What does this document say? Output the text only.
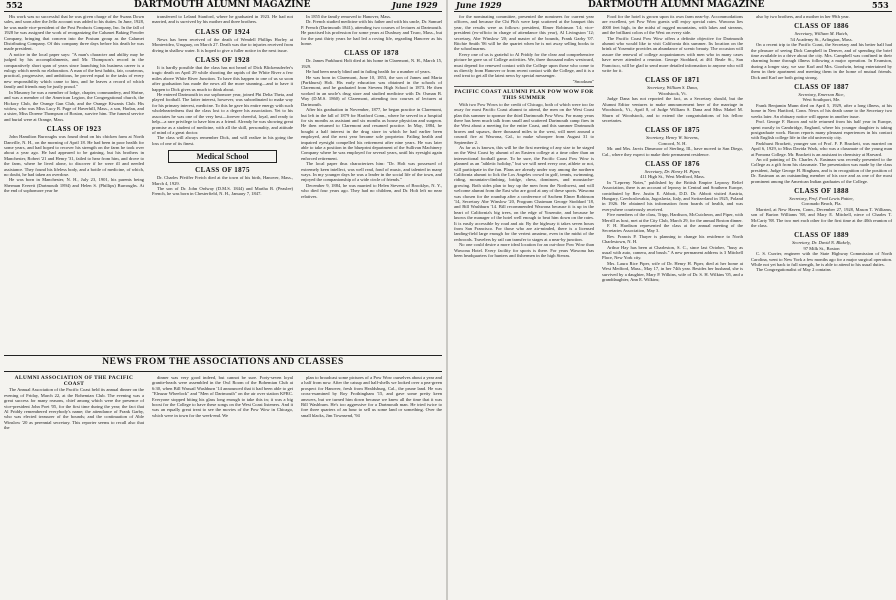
552	DARTMOUTH ALUMNI MAGAZINE	June 1929

His work was so successful that he was given charge of the Swans Down sales, and soon after the Jello account was added to his duties. In June, 1928, he was made vice-president of the Post Products Company, Inc. In the fall of 1928 he was assigned the work of reorganizing the Calumet Baking Powder Company, bringing that concern into the Postum group as the Calumet Distributing Company. Of this company three days before his death he was made president.

A notice in the local paper says: "A man's character and ability may be judged by his accomplishments, and Mr. Thompson's record in the comparatively short span of years since launching his business career is a eulogy which needs no elaboration. A man of the best habits, fair, courteous, practical, progressive, and ambitious, he proved equal to the tasks of every new responsibility which came to him, and he leaves a record of which family and friends may be justly proud."

In Masonry he was a member of lodge, chapter, commandery, and Shrine, and was a member of the American Legion, the Congregational church, the Hickory Club, the Orange Gun Club, and the Orange Kiwanis Club. His widow, who was Miss Lucy B. Page of Haverhill, Mass., a son, Harlan, and a sister, Miss Dorene Thompson of Boston, survive him. The funeral service and burial were at Orange, Mass.

CLASS OF 1923

John Hamilton Burroughs was found dead on his chicken farm at North Danville, N. H., on the morning of April 18. He had been in poor health for some years, and had hoped to recover his strength on the farm he took over about a year ago. He had appeared to be gaining, but his brothers in Manchester, Robert '21 and Henry '31, failed to hear from him, and drove to the farm, where he lived alone, to discover if he were ill and needed assistance. They found his lifeless body, and a bottle of medicine, of which, no doubt, he had taken an overdose.

He was born in Manchester, N. H., July 23, 1901, his parents being Sherman Everett (Dartmouth 1894) and Helen S. (Phillips) Burroughs. At the end of sophomore year he

transferred to Leland Stanford, where he graduated in 1923. He had not married, and is survived by his mother and three brothers.

CLASS OF 1924

News has been received of the death of Wendell Phillips Horley at Montevideo, Uruguay, on March 27. Death was due to injuries received from diving in shallow water. It is hoped to give a fuller notice in the next issue.

CLASS OF 1928

It is hardly possible that the class has not heard of Dick Blickensderfer's tragic death on April 29 while shooting the rapids of the White River a few miles above White River Junction. To have this happen to one of us so soon after graduation has made the news all the more stunning—and to have it happen to Dick gives us much to think about.

He entered Dartmouth in our sophomore year, joined Phi Delta Theta, and played football. The latter interest, however, was subordinated to make way for his primary interest, medicine. To this he gave his entire energy with such wholeheartedness that the class lost to a degree his association. Yet to his associates he was one of the very best—forever cheerful, loyal, and ready to help—a rare privilege to have him as a friend. Already he was showing great promise as a student of medicine, with all the skill, personality, and attitude of mind of a great doctor.

The class will always remember Dick, and will realize in his going the loss of one of its finest.

Medical School
CLASS OF 1875

Dr. Charles Pfeiffer Freich died at the town of his birth, Hanover, Mass., March 4, 1929.

The son of Dr. John Ordway (D.M.S. 1844) and Martha B. (Peaslee) French, he was born in Chesterfield, N. H., January 7, 1847.

In 1855 the family removed to Hanover, Mass.

Dr. French studied medicine with his father and with his uncle, Dr. Samuel P. French (Dartmouth 1841), attending two courses of lectures at Dartmouth. He practised his profession for some years at Duxbury and Truro, Mass., but for the past thirty years he had led a roving life, regarding Hanover as his home.

CLASS OF 1878

Dr. James Parkhurst Holt died at his home in Claremont, N. H., March 15, 1929.

He had been nearly blind and in failing health for a number of years.

He was born in Claremont, June 10, 1853, the son of James and Maria (Parkhurst) Holt. His early education was obtained in the schools of Claremont, and he graduated from Stevens High School in 1873. He then worked in an uncle's drug store and studied medicine with Dr. Osman B. Way (D.M.S. 1860) of Claremont, attending two courses of lectures at Dartmouth.

After his graduation in November, 1877, he began practice in Claremont, but left in the fall of 1879 for Hartford Conn., where he served in a hospital for six months as assistant and six months as house physician and surgeon. He then returned to Claremont and resumed practice. In May, 1884, he bought a half interest in the drug store in which he had earlier been employed, and the next year became sole proprietor. Failing health and impaired eyesight compelled his retirement after nine years. He was later able to take a position in the blueprint department of the Sullivan Machinery Company where he was employed for several years, until his eyesight again enforced retirement.

The local paper thus characterizes him: "Dr. Holt was possessed of extremely keen intellect, was well read, fond of music, and talented in many ways. In my younger days he was a leader in the social life of the town, and enjoyed the companionship of a wide circle of friends."

December 9, 1884, he was married to Helen Stevens of Brooklyn, N. Y., who died four years ago. They had no children, and Dr. Holt left no near relatives.

NEWS FROM THE ASSOCIATIONS AND CLASSES
ALUMNI ASSOCIATION OF THE PACIFIC COAST

The Annual Association of the Pacific Coast held its annual dinner on the evening of Friday, March 22, at the Bohemian Club. The evening was a great success for many reasons, chief among which were the presence of vice-president John Poet '05, for the first time during the year; the fact that Al Priddy remembered everybody's name; the attendance of Frank Garby, who was elected treasurer of the bounds; and the continuation of Able Winslow '20 as perennial secretary. This reporter seems to recall also that the

dinner was very good indeed, but cannot be sure. Forty-seven loyal granite-heads were assembled in the Owl Room of the Bohemian Club at 6:30, when Bill Wassail Washburn '14 announced that it had been able to get "Eleazar Wheelock" and "Men of Dartmouth" on the air over station KFRC. Everyone stopped biting his glass long enough to take this in; it was a big boost for the College to have these songs on the West Coast listeners. And it was an equally great treat to see the movies of the Pow Wow in Chicago, which were in town for the week-end. We

plan to broadcast some pictures of a Pow Wow ourselves about a year and a half from now. After the catsup and half-shells we looked over a pea-green prospect for Hanover, fresh from Healdsburg, Cal., the prune land. He was cross-examined by Roy Frothingham '15, and gave some pretty keen answers, but we turned him down because we knew all the time that it was Bill Washburn. He's too aggressive for a Dartmouth man. He tried twice to fore three quarters of an hour to sell us some land or something. Over the small blacks, Jim Townsend, '94

June 1929	DARTMOUTH ALUMNI MAGAZINE	553

for the nominating committee, presented the nominees for current year officers, and because the Chi Phi's were kept scattered at the banquet this year, the results were as follows: president, Elmer Robinson '14; vice-president (ex-officio in charge of attendance this year), Al Livingston '12; secretary, Abe Winslow '20; and master of the bounds, Frank Garby '07. Ritchie Smith '06 will be the quartet when he is not away selling books to the schoolmarms.

Every one of us is grateful to Al Priddy for the clear and comprehensive picture he gave us of College activities. We, three thousand miles westward, must depend for renewed contact with the College upon those who come to us directly from Hanover or from recent contact with the College, and it is a real treat to get all the latest news by special messenger.

"Snookum"
PACIFIC COAST ALUMNI PLAN POW WOW FOR THIS SUMMER

With two Pow Wows to the credit of Chicago, both of which were too far away for most Pacific Coast alumni to attend, the men on the West Coast plan this summer to sponsor the third Dartmouth Pow Wow. For many years there has been much talk from small and scattered Dartmouth camp fires in the West about a meeting for the entire Coast, and this summer Dartmouth braves and squaws, three thousand miles to the west, will meet around a council fire at Wawona, Cal., to make whoopee from August 31 to September 2.

As far as is known, this will be the first meeting of any size to be staged on the West Coast by alumni of an Eastern college at a time other than an intersectional football game. To be sure, the Pacific Coast Pow Wow is planned as an "athletic holiday," but we will need every one, athlete or not, will participate in the fun. Plans are already under way among the northern California alumni to lick the Los Angeles crowd in golf, tennis, swimming, riding, mountain-climbing, bridge, chess, dominoes, and moustache-growing. Both sides plan to buy up the men from the Northwest, and will welcome alumni from the East who are good at any of these sports. Wawona was chosen for the roundup after a conference of Sachem Elmer Robinson '14, Secretary Abe Winslow '20, Program Chairman George Stoddard '18, and Bill Washburn '14. Bill recommended Wawona because it is up in the heart of California's big trees, on the edge of Yosemite, and because he knows the manager of the hotel well enough to beat him down on the rates. It is easily accessible by road and air. By the highway it takes seven hours from San Francisco. For those who are air-minded, there is a licensed landing-field large enough for the veriest amateur, even in the midst of the redwoods. Travelers by rail can transfer to stages at a near-by junction.

No one could desire a more ideal location for an out-door Pow Wow than Wawona Hotel. Every facility for sports is there. For years Wawona has been headquarters for hunters and fishermen in the high Sierras.

Food for the hotel is grown upon its own farm near-by. Accommodations are excellent, yet Pow Wow guests will enjoy special rates. Wawona lies 4000 feet high, in the midst of rugged mountains, with lakes and streams, and the brilliant colors of the West on every side.

The Pacific Coast Pow Wow offers a definite objective for Dartmouth alumni who would like to visit California this summer. Its location on the brink of Yosemite provides an abundance of scenic beauty. The occasion will assure the renewal of college acquaintances with men who in many cases have never attended a reunion. George Stoddard, at 461 Beale St., San Francisco, will be glad to send more detailed information to anyone who will write for it.

CLASS OF 1871
Secretary, William S. Dana,
Woodstock, Vt.

Judge Dana has not reported the fact, as a Secretary should, but the Alumni Editor ventures to make announcement here of the marriage in Woodstock, Vt., April 8, of Judge William S. Dana and Miss Mabel M. Shurn of Woodstock, and to extend the congratulations of his fellow secretaries.

CLASS OF 1875
Secretary, Henry W. Stevens,
Concord, N. H.

Mr. and Mrs. Jarvis Dinsmoor of Sterling, Ill., have moved to San Diego, Cal., where they expect to make their permanent residence.

CLASS OF 1876
Secretary, Dr. Henry H. Piper,
411 High St., West Medford, Mass.

In "Lepreny Notes," published by the British Empire Leprosy Relief Association, there is an account of leprosy in Central and Southern Europe, contributed by Rev. Justin E. Abbott, D.D. Dr. Abbott visited Austria, Hungary, Czechoslovakia, Jugoslavia, Italy, and Switzerland in 1925, Poland in 1926. He obtained his information from boards of health, and was everywhere courteously received.

Five members of the class, Tripp, Hardison, McCutcheon, and Piper, with Merrill as host, met at the City Club, March 29, for the annual Boston dinner.

F. H. Hardison represented the class at the annual meeting of the Secretaries Association, May 3.

Rev. Francis P. Thayer is planning to change his residence to North Charlestown, N. H.

Arthur Hay has been at Charleston, S. C., since last October, "busy as usual with auto, camera, and brush." A new permanent address is 3 Mitchell Place, New York city.

Mrs. Laura Rice Piper, wife of Dr. Henry H. Piper, died at her home at West Medford, Mass., May 17, in her 74th year. Besides her husband, she is survived by a daughter, Mary P. Wilkins, wife of Dr. S. H. Wilkins '05, and a granddaughter, Ann E. Wilkins;

also by two brothers, and a mother in her 99th year.

CLASS OF 1886
Secretary, William M. Hatch,
54 Academy St., Arlington, Mass.

On a recent trip to the Pacific Coast, the Secretary and his better half had the pleasure of seeing Dick Campbell in Denver, and of spending the brief time available in a drive about the city. Mrs. Campbell was confined in their charming home through illness following a major operation. In Evanston, during a longer stay, we saw Karl and Mrs. Goodwin, being entertained by them in their apartment and meeting them in the home of mutual friends. Dick and Karl are both going strong.

CLASS OF 1887
Secretary, Emerson Rice,
West Southport, Me.

Frank Benjamin Munn died on April 5, 1929, after a long illness, at his home in New Hartford, Conn. News of his death came to the Secretary two weeks later. An obituary notice will appear in another issue.

Prof. George F. Bacon and wife returned from his half year in Europe, spent mostly in Cambridge, England, where his younger daughter is taking postgraduate work. Bacon reports many pleasant experiences in his contact with English college life in the old university city.

Parkhurst Brackett, younger son of Prof. F. P. Brackett, was married on April 6, 1929, to Miss Davida Wark, who was a classmate of the young man at Pomona College. Mr. Brackett is an assistant in chemistry at Harvard.

An oil painting of Dr. Charles A. Eastman was recently presented to the College as a gift from his classmate. The presentation was made by the class president, Judge George H. Bingham, and is in recognition of the position of Dr. Eastman as an outstanding member of his race and as one of the most prominent among the American Indian graduates of the College.

CLASS OF 1888
Secretary, Prof. Fred Lewis Pattee,
Coronado Beach, Fla.

Married, at New Haven, Conn., December 27, 1928, Mason T. Williams, son of Burton Williams '88, and Mary E. Mitchell, niece of Charles T. McCarty '88. The two met each other for the first time at the 40th reunion of the class.

CLASS OF 1889
Secretary, Dr. David N. Blakely,
97 Milk St., Boston

C. S. Currier, engineer with the State Highway Commission of North Carolina, went to New York a few months ago for a major surgical operation. While not yet back to full strength, he is able to attend to his usual duties.

The Congregationalist of May 2 contains
